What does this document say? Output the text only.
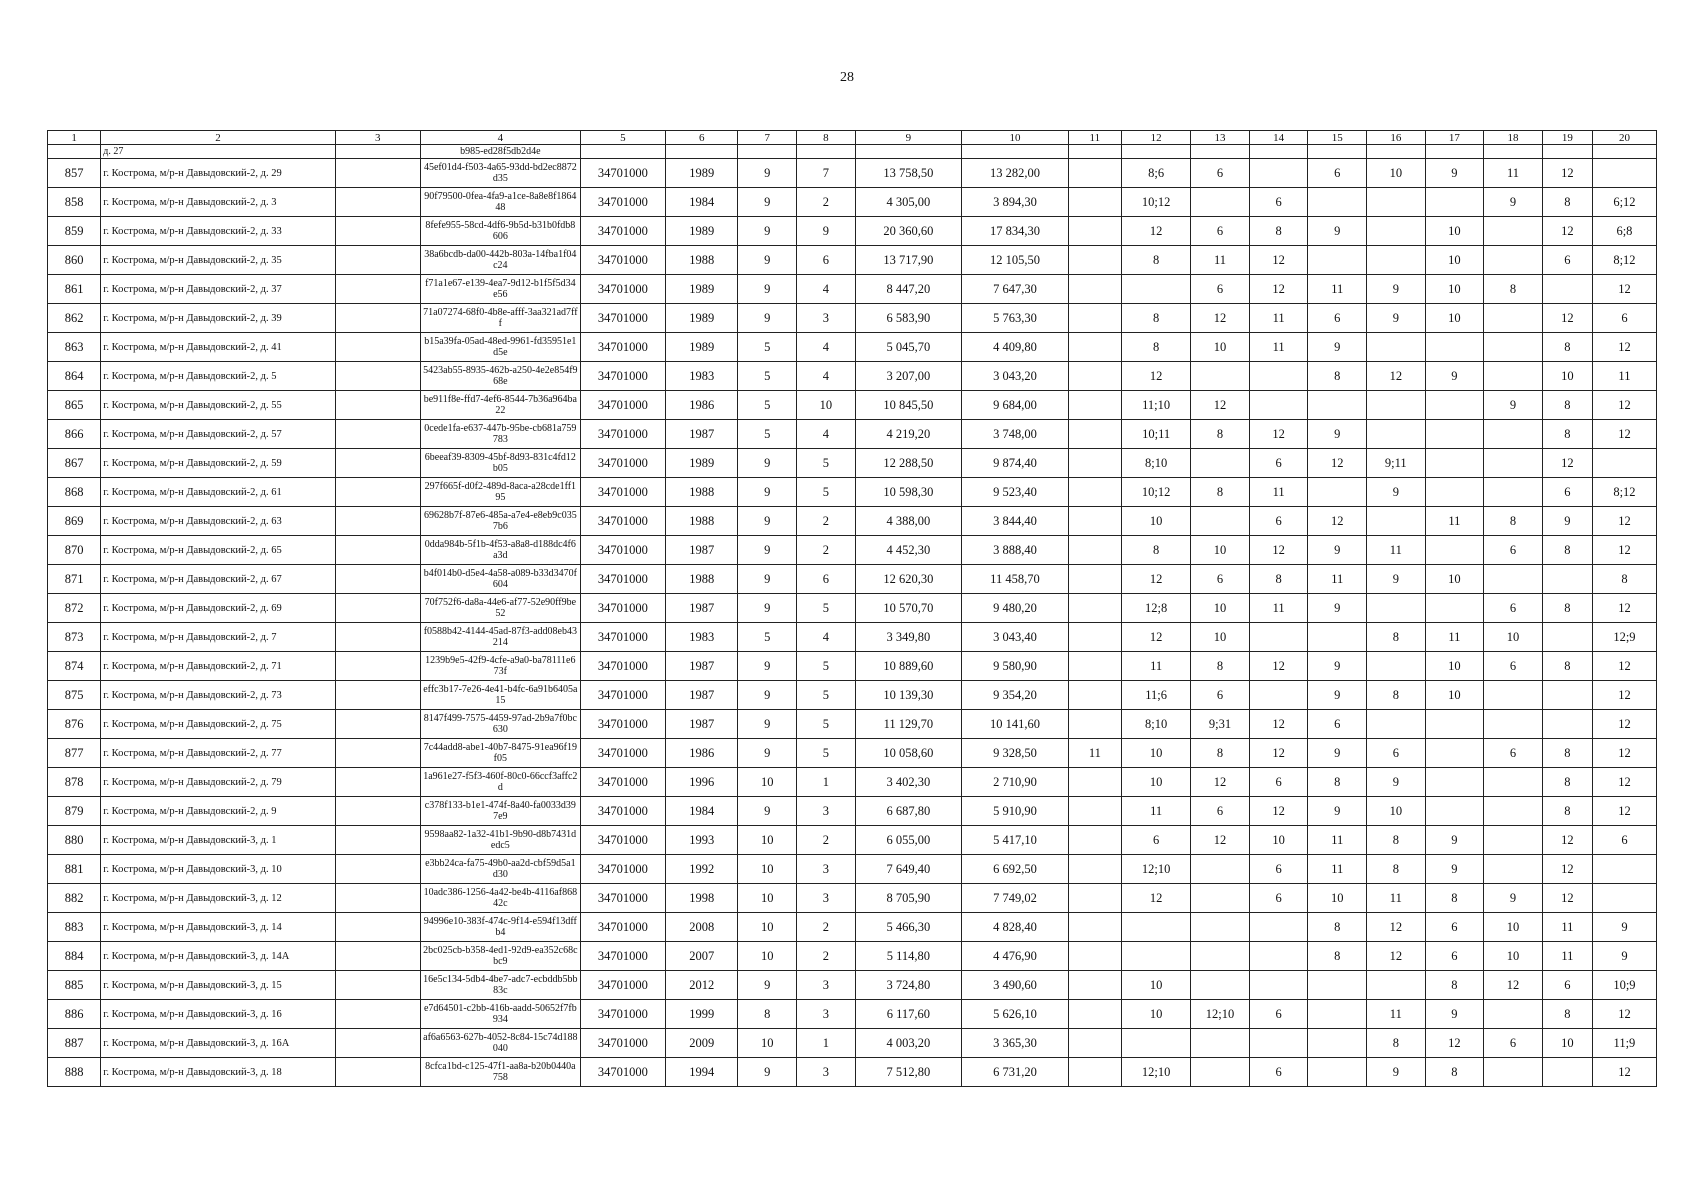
28
1	2	3	4	5	6	7	8	9	10	11	12	13	14	15	16	17	18	19	20
	д. 27		b985-ed28f5db2d4e																
857	г. Кострома, м/р-н Давыдовский-2, д. 29		45ef01d4-f503-4a65-93dd-bd2ec8872d35	34701000	1989	9	7	13 758,50	13 282,00		8;6	6		6	10	9	11	12	
858	г. Кострома, м/р-н Давыдовский-2, д. 3		90f79500-0fea-4fa9-a1ce-8a8e8f186448	34701000	1984	9	2	4 305,00	3 894,30		10;12		6				9	8	6;12
859	г. Кострома, м/р-н Давыдовский-2, д. 33		8fefe955-58cd-4df6-9b5d-b31b0fdb8606	34701000	1989	9	9	20 360,60	17 834,30		12	6	8	9		10		12	6;8
860	г. Кострома, м/р-н Давыдовский-2, д. 35		38a6bcdb-da00-442b-803a-14fba1f04c24	34701000	1988	9	6	13 717,90	12 105,50		8	11	12			10		6	8;12
861	г. Кострома, м/р-н Давыдовский-2, д. 37		f71a1e67-e139-4ea7-9d12-b1f5f5d34e56	34701000	1989	9	4	8 447,20	7 647,30			6	12	11	9	10	8		12
862	г. Кострома, м/р-н Давыдовский-2, д. 39		71a07274-68f0-4b8e-afff-3aa321ad7fff	34701000	1989	9	3	6 583,90	5 763,30		8	12	11	6	9	10		12	6
863	г. Кострома, м/р-н Давыдовский-2, д. 41		b15a39fa-05ad-48ed-9961-fd35951e1d5e	34701000	1989	5	4	5 045,70	4 409,80		8	10	11	9				8	12
864	г. Кострома, м/р-н Давыдовский-2, д. 5		5423ab55-8935-462b-a250-4e2e854f968e	34701000	1983	5	4	3 207,00	3 043,20		12			8	12	9		10	11
865	г. Кострома, м/р-н Давыдовский-2, д. 55		be911f8e-ffd7-4ef6-8544-7b36a964ba22	34701000	1986	5	10	10 845,50	9 684,00		11;10	12					9	8	12
866	г. Кострома, м/р-н Давыдовский-2, д. 57		0cede1fa-e637-447b-95be-cb681a759783	34701000	1987	5	4	4 219,20	3 748,00		10;11	8	12	9				8	12
867	г. Кострома, м/р-н Давыдовский-2, д. 59		6beeaf39-8309-45bf-8d93-831c4fd12b05	34701000	1989	9	5	12 288,50	9 874,40		8;10		6	12	9;11			12	
868	г. Кострома, м/р-н Давыдовский-2, д. 61		297f665f-d0f2-489d-8aca-a28cde1ff195	34701000	1988	9	5	10 598,30	9 523,40		10;12	8	11		9			6	8;12
869	г. Кострома, м/р-н Давыдовский-2, д. 63		69628b7f-87e6-485a-a7e4-e8eb9c0357b6	34701000	1988	9	2	4 388,00	3 844,40		10		6	12		11	8	9	12
870	г. Кострома, м/р-н Давыдовский-2, д. 65		0dda984b-5f1b-4f53-a8a8-d188dc4f6a3d	34701000	1987	9	2	4 452,30	3 888,40		8	10	12	9	11		6	8	12
871	г. Кострома, м/р-н Давыдовский-2, д. 67		b4f014b0-d5e4-4a58-a089-b33d3470f604	34701000	1988	9	6	12 620,30	11 458,70		12	6	8	11	9	10			8
872	г. Кострома, м/р-н Давыдовский-2, д. 69		70f752f6-da8a-44e6-af77-52e90ff9be52	34701000	1987	9	5	10 570,70	9 480,20		12;8	10	11	9			6	8	12
873	г. Кострома, м/р-н Давыдовский-2, д. 7		f0588b42-4144-45ad-87f3-add08eb43214	34701000	1983	5	4	3 349,80	3 043,40		12	10			8	11	10		12;9
874	г. Кострома, м/р-н Давыдовский-2, д. 71		1239b9e5-42f9-4cfe-a9a0-ba78111e673f	34701000	1987	9	5	10 889,60	9 580,90		11	8	12	9		10	6	8	12
875	г. Кострома, м/р-н Давыдовский-2, д. 73		effc3b17-7e26-4e41-b4fc-6a91b6405a15	34701000	1987	9	5	10 139,30	9 354,20		11;6	6		9	8	10			12
876	г. Кострома, м/р-н Давыдовский-2, д. 75		8147f499-7575-4459-97ad-2b9a7f0bc630	34701000	1987	9	5	11 129,70	10 141,60		8;10	9;31	12	6					12
877	г. Кострома, м/р-н Давыдовский-2, д. 77		7c44add8-abe1-40b7-8475-91ea96f19f05	34701000	1986	9	5	10 058,60	9 328,50	11	10	8	12	9	6		6	8	12
878	г. Кострома, м/р-н Давыдовский-2, д. 79		1a961e27-f5f3-460f-80c0-66ccf3affc2d	34701000	1996	10	1	3 402,30	2 710,90		10	12	6	8	9			8	12
879	г. Кострома, м/р-н Давыдовский-2, д. 9		c378f133-b1e1-474f-8a40-fa0033d397e9	34701000	1984	9	3	6 687,80	5 910,90		11	6	12	9	10			8	12
880	г. Кострома, м/р-н Давыдовский-3, д. 1		9598aa82-1a32-41b1-9b90-d8b7431dedc5	34701000	1993	10	2	6 055,00	5 417,10		6	12	10	11	8	9		12	6
881	г. Кострома, м/р-н Давыдовский-3, д. 10		e3bb24ca-fa75-49b0-aa2d-cbf59d5a1d30	34701000	1992	10	3	7 649,40	6 692,50		12;10		6	11	8	9		12	
882	г. Кострома, м/р-н Давыдовский-3, д. 12		10adc386-1256-4a42-be4b-4116af86842c	34701000	1998	10	3	8 705,90	7 749,02		12		6	10	11	8	9	12	
883	г. Кострома, м/р-н Давыдовский-3, д. 14		94996e10-383f-474c-9f14-e594f13dffb4	34701000	2008	10	2	5 466,30	4 828,40					8	12	6	10	11	9
884	г. Кострома, м/р-н Давыдовский-3, д. 14А		2bc025cb-b358-4ed1-92d9-ea352c68cbc9	34701000	2007	10	2	5 114,80	4 476,90					8	12	6	10	11	9
885	г. Кострома, м/р-н Давыдовский-3, д. 15		16e5c134-5db4-4be7-adc7-ecbddb5bb83c	34701000	2012	9	3	3 724,80	3 490,60		10					8	12	6	10;9
886	г. Кострома, м/р-н Давыдовский-3, д. 16		e7d64501-c2bb-416b-aadd-50652f7fb934	34701000	1999	8	3	6 117,60	5 626,10		10	12;10	6		11	9		8	12
887	г. Кострома, м/р-н Давыдовский-3, д. 16А		af6a6563-627b-4052-8c84-15c74d188040	34701000	2009	10	1	4 003,20	3 365,30						8	12	6	10	11;9
888	г. Кострома, м/р-н Давыдовский-3, д. 18		8cfca1bd-c125-47f1-aa8a-b20b0440a758	34701000	1994	9	3	7 512,80	6 731,20		12;10		6		9	8			12
